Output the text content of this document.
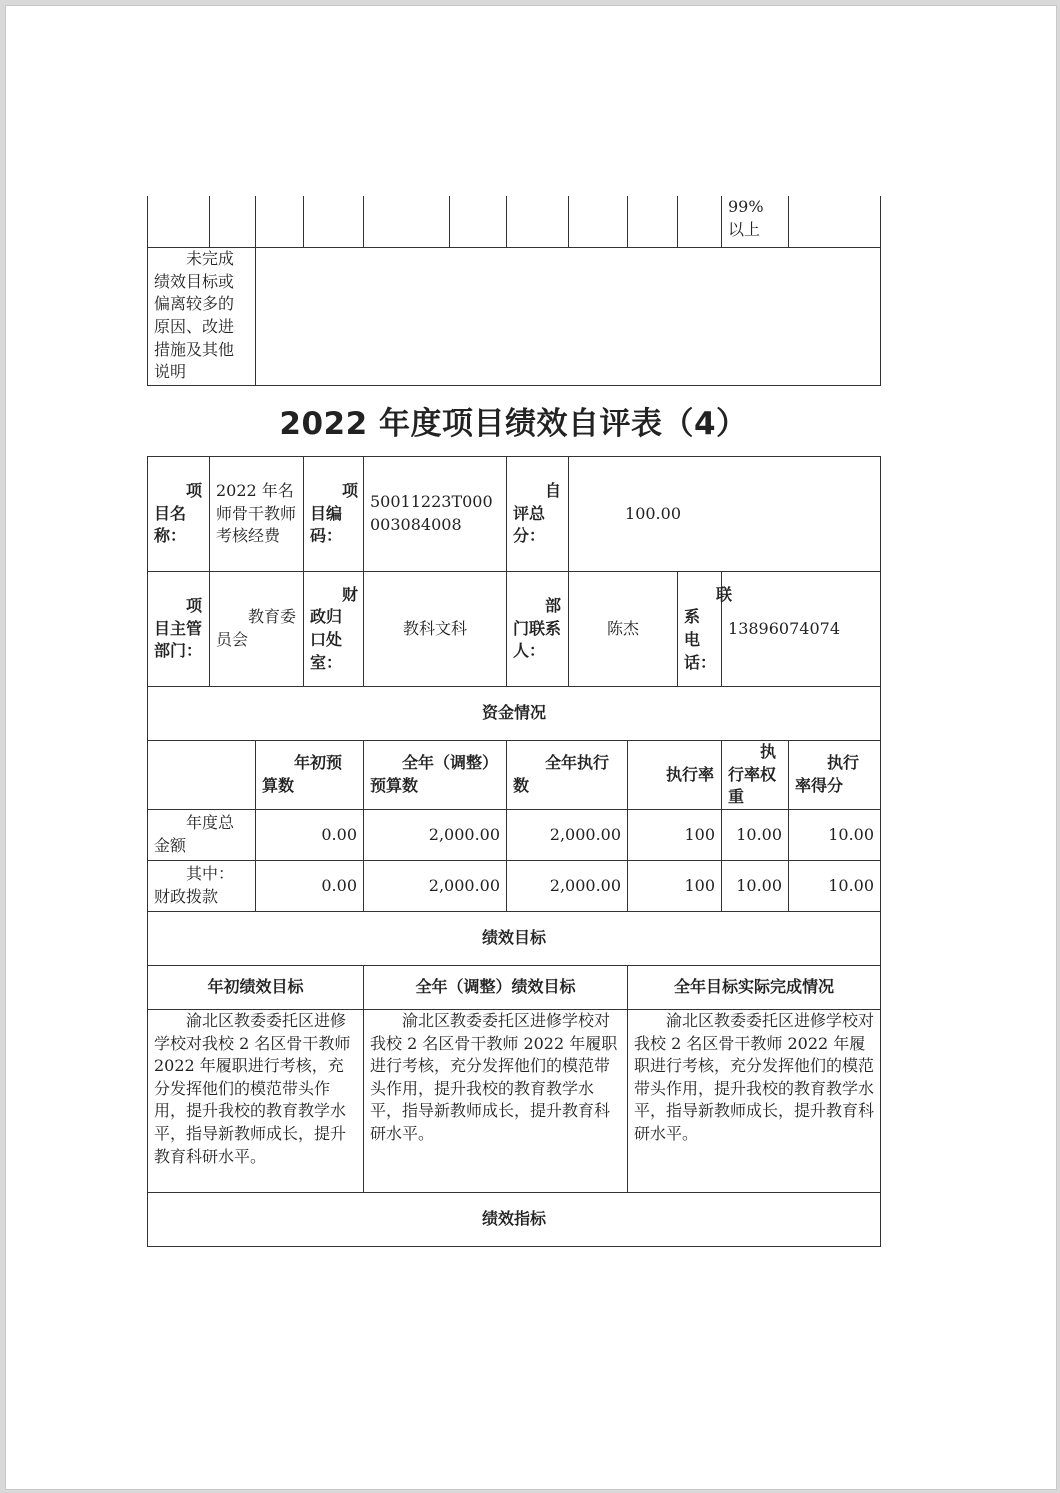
										99% 以上	
未完成绩效目标或偏离较多的原因、改进措施及其他说明											
2022 年度项目绩效自评表（4）
项目名称：	2022 年名师骨干教师考核经费		项目编码：	50011223T000003084008	自评总分：	100.00				
项目主管部门：	教育委员会		财政归口处室：	教科文科	部门联系人：	陈杰		联系电话：	13896074074	
资金情况										
		年初预算数		全年（调整）预算数	全年执行数		执行率		执行率权重	执行率得分
年度总金额		0.00		2,000.00	2,000.00		100		10.00	10.00
其中：财政拨款		0.00		2,000.00	2,000.00		100		10.00	10.00
绩效目标										
年初绩效目标				全年（调整）绩效目标			全年目标实际完成情况			
渝北区教委委托区进修学校对我校 2 名区骨干教师 2022 年履职进行考核，充分发挥他们的模范带头作用，提升我校的教育教学水平，指导新教师成长，提升教育科研水平。				渝北区教委委托区进修学校对我校 2 名区骨干教师 2022 年履职进行考核，充分发挥他们的模范带头作用，提升我校的教育教学水平，指导新教师成长，提升教育科研水平。			渝北区教委委托区进修学校对我校 2 名区骨干教师 2022 年履职进行考核，充分发挥他们的模范带头作用，提升我校的教育教学水平，指导新教师成长，提升教育科研水平。			
绩效指标										
